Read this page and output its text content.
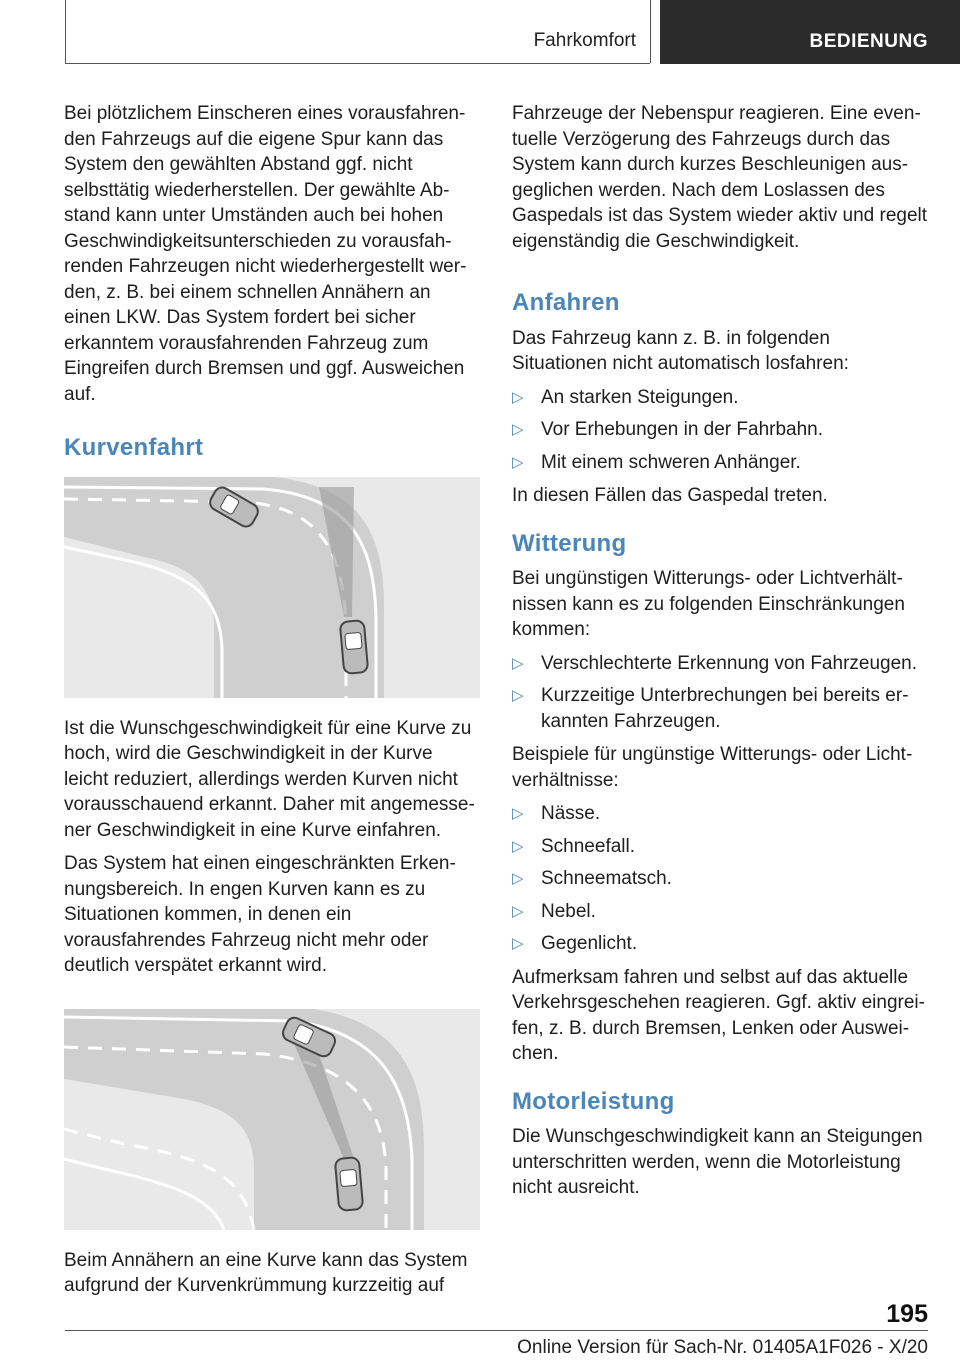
Fahrkomfort	BEDIENUNG

Bei plötzlichem Einscheren eines vorausfahrenden Fahrzeugs auf die eigene Spur kann das System den gewählten Abstand ggf. nicht selbsttätig wiederherstellen. Der gewählte Abstand kann unter Umständen auch bei hohen Geschwindigkeitsunterschieden zu vorausfahrenden Fahrzeugen nicht wiederhergestellt werden, z. B. bei einem schnellen Annähern an einen LKW. Das System fordert bei sicher erkanntem vorausfahrenden Fahrzeug zum Eingreifen durch Bremsen und ggf. Ausweichen auf.

Kurvenfahrt

Ist die Wunschgeschwindigkeit für eine Kurve zu hoch, wird die Geschwindigkeit in der Kurve leicht reduziert, allerdings werden Kurven nicht vorausschauend erkannt. Daher mit angemessener Geschwindigkeit in eine Kurve einfahren.

Das System hat einen eingeschränkten Erkennungsbereich. In engen Kurven kann es zu Situationen kommen, in denen ein vorausfahrendes Fahrzeug nicht mehr oder deutlich verspätet erkannt wird.

Beim Annähern an eine Kurve kann das System aufgrund der Kurvenkrümmung kurzzeitig auf

Fahrzeuge der Nebenspur reagieren. Eine eventuelle Verzögerung des Fahrzeugs durch das System kann durch kurzes Beschleunigen ausgeglichen werden. Nach dem Loslassen des Gaspedals ist das System wieder aktiv und regelt eigenständig die Geschwindigkeit.

Anfahren

Das Fahrzeug kann z. B. in folgenden Situationen nicht automatisch losfahren:

▷ An starken Steigungen.
▷ Vor Erhebungen in der Fahrbahn.
▷ Mit einem schweren Anhänger.

In diesen Fällen das Gaspedal treten.

Witterung

Bei ungünstigen Witterungs- oder Lichtverhältnissen kann es zu folgenden Einschränkungen kommen:

▷ Verschlechterte Erkennung von Fahrzeugen.
▷ Kurzzeitige Unterbrechungen bei bereits erkannten Fahrzeugen.

Beispiele für ungünstige Witterungs- oder Lichtverhältnisse:

▷ Nässe.
▷ Schneefall.
▷ Schneematsch.
▷ Nebel.
▷ Gegenlicht.

Aufmerksam fahren und selbst auf das aktuelle Verkehrsgeschehen reagieren. Ggf. aktiv eingreifen, z. B. durch Bremsen, Lenken oder Ausweichen.

Motorleistung

Die Wunschgeschwindigkeit kann an Steigungen unterschritten werden, wenn die Motorleistung nicht ausreicht.

195
Online Version für Sach-Nr. 01405A1F026 - X/20
